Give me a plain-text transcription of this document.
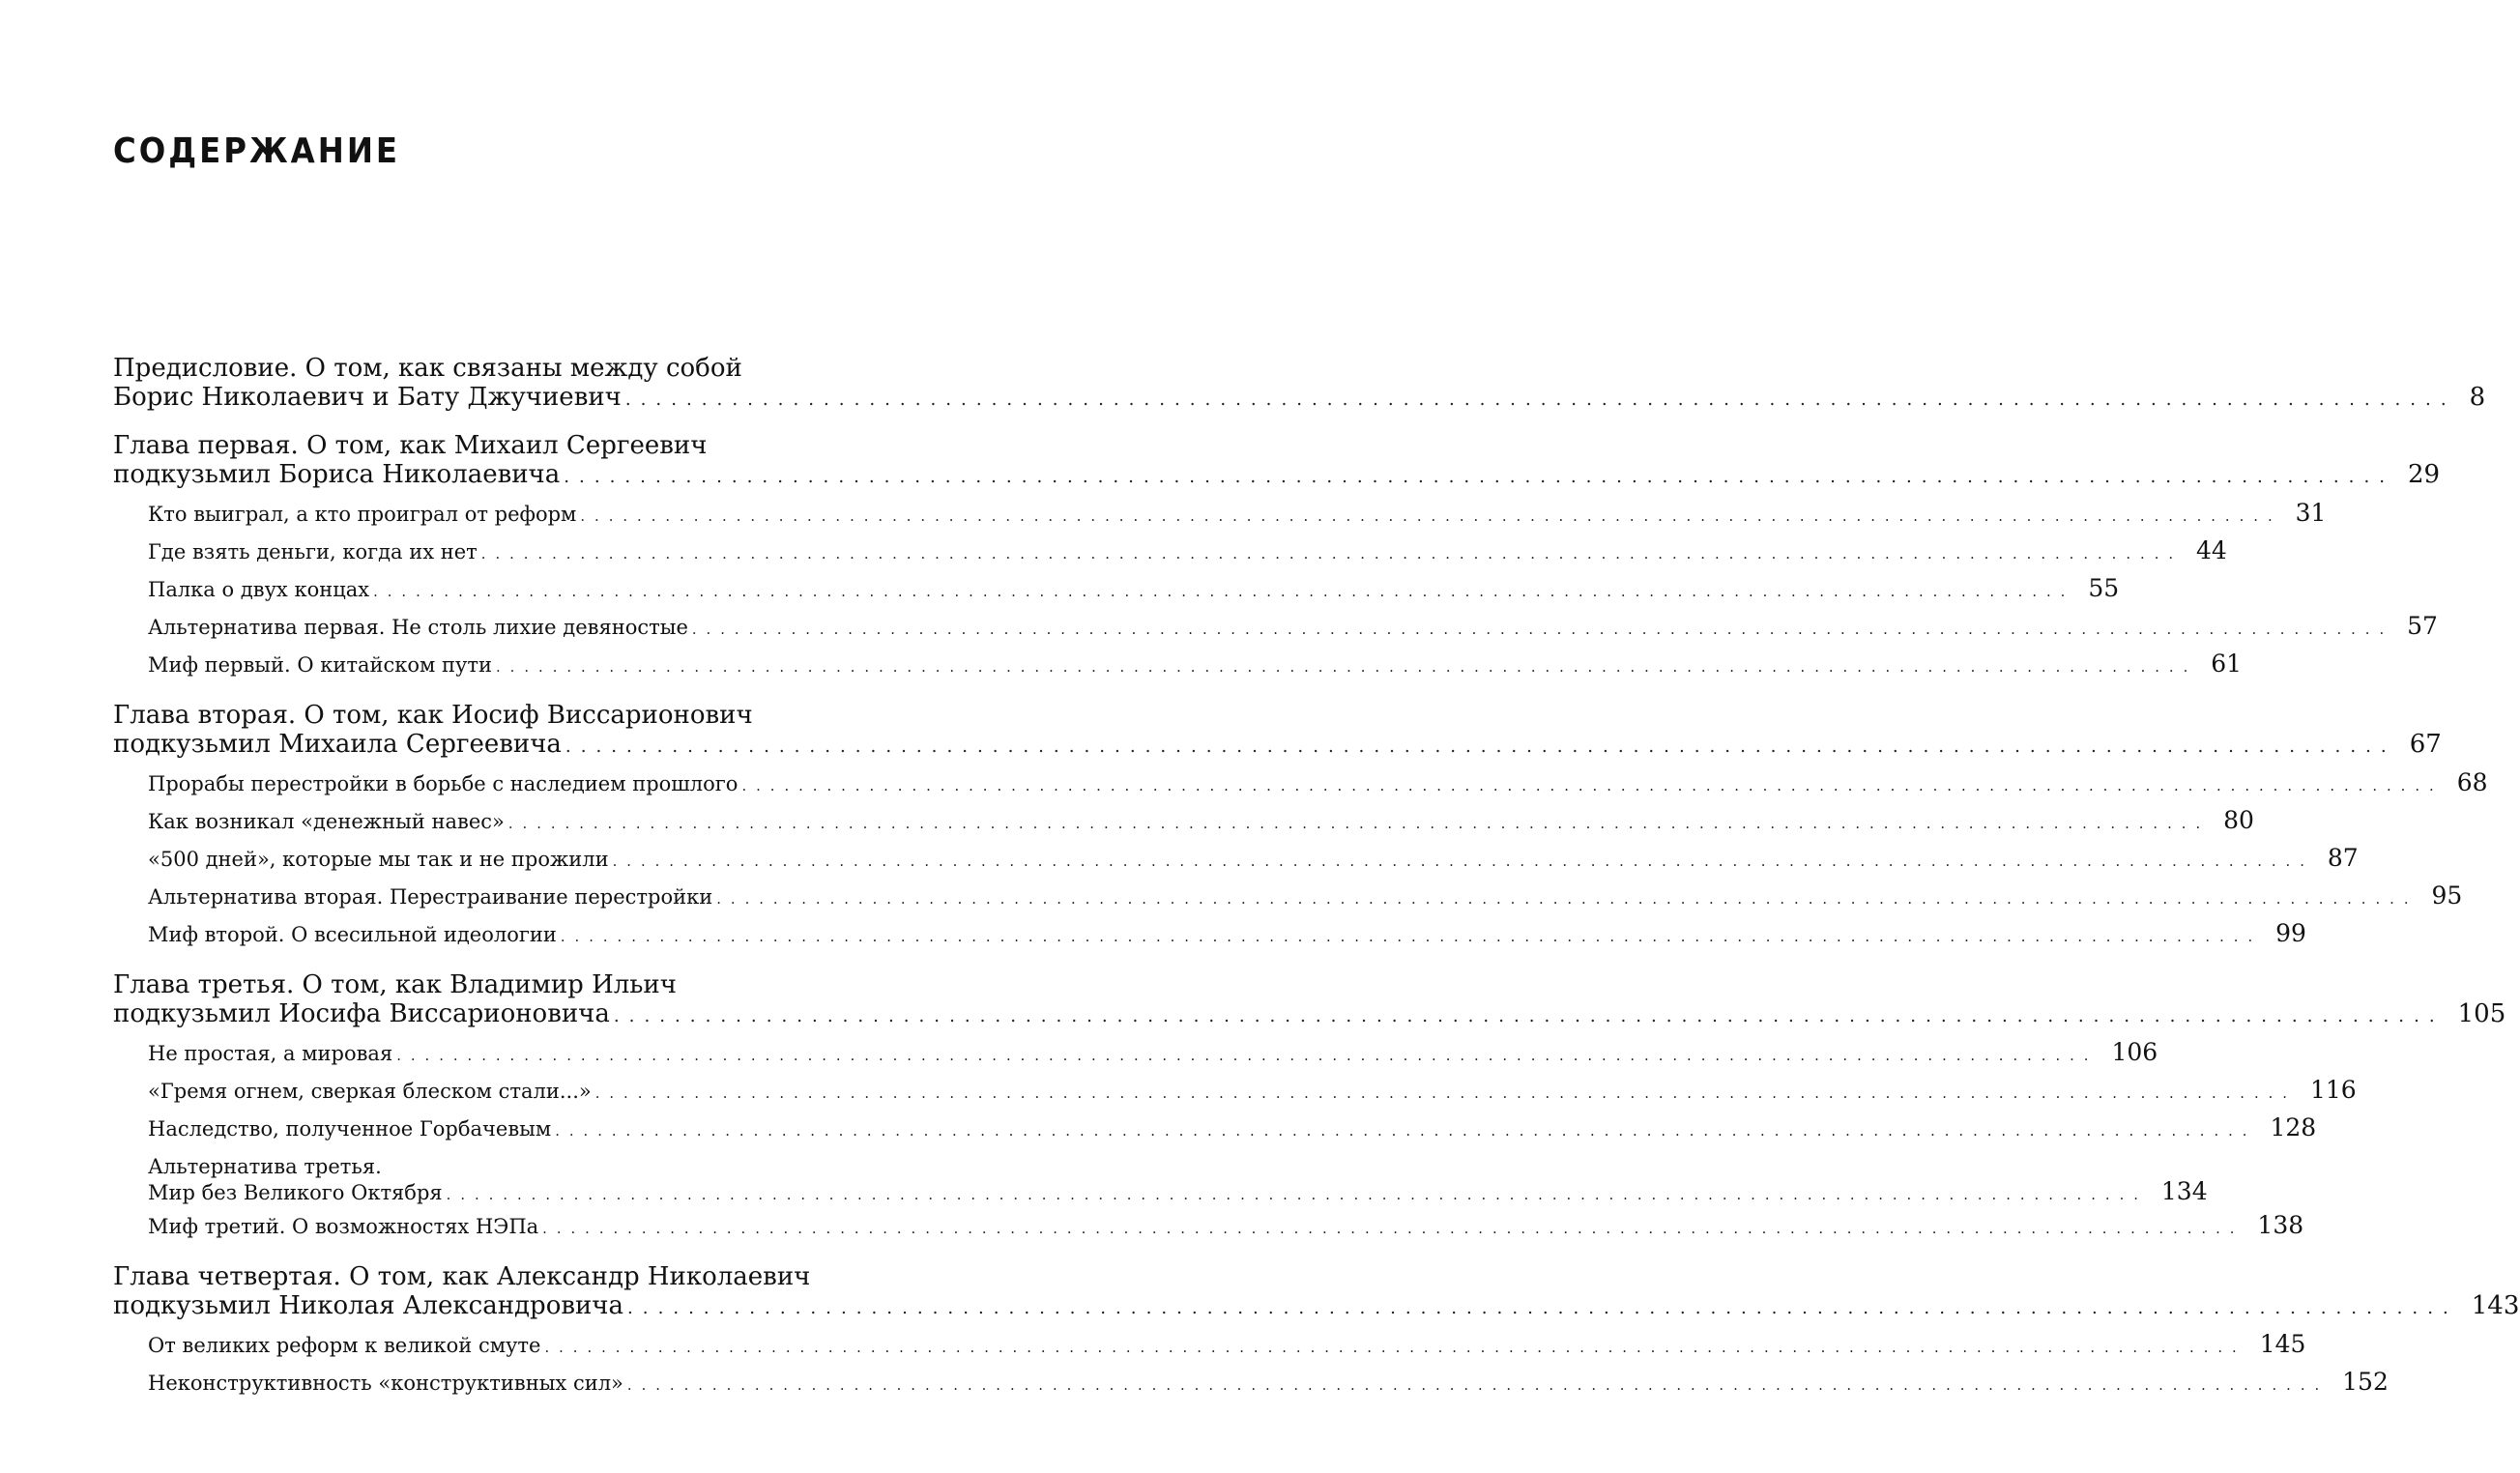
СОДЕРЖАНИЕ
Предисловие. О том, как связаны между собой
Борис Николаевич и Бату Джучиевич ........................................................................................................................ 8
Глава первая. О том, как Михаил Сергеевич
подкузьмил Бориса Николаевича ........................................................................................................................ 29
Кто выиграл, а кто проиграл от реформ ........................................................................................................................ 31
Где взять деньги, когда их нет ........................................................................................................................ 44
Палка о двух концах ........................................................................................................................ 55
Альтернатива первая. Не столь лихие девяностые ........................................................................................................................ 57
Миф первый. О китайском пути ........................................................................................................................ 61
Глава вторая. О том, как Иосиф Виссарионович
подкузьмил Михаила Сергеевича ........................................................................................................................ 67
Прорабы перестройки в борьбе с наследием прошлого ........................................................................................................................ 68
Как возникал «денежный навес» ........................................................................................................................ 80
«500 дней», которые мы так и не прожили ........................................................................................................................ 87
Альтернатива вторая. Перестраивание перестройки ........................................................................................................................ 95
Миф второй. О всесильной идеологии ........................................................................................................................ 99
Глава третья. О том, как Владимир Ильич
подкузьмил Иосифа Виссарионовича ........................................................................................................................ 105
Не простая, а мировая ........................................................................................................................ 106
«Гремя огнем, сверкая блеском стали...» ........................................................................................................................ 116
Наследство, полученное Горбачевым ........................................................................................................................ 128
Альтернатива третья.
Мир без Великого Октября ........................................................................................................................ 134
Миф третий. О возможностях НЭПа ........................................................................................................................ 138
Глава четвертая. О том, как Александр Николаевич
подкузьмил Николая Александровича ........................................................................................................................ 143
От великих реформ к великой смуте ........................................................................................................................ 145
Неконструктивность «конструктивных сил» ........................................................................................................................ 152
